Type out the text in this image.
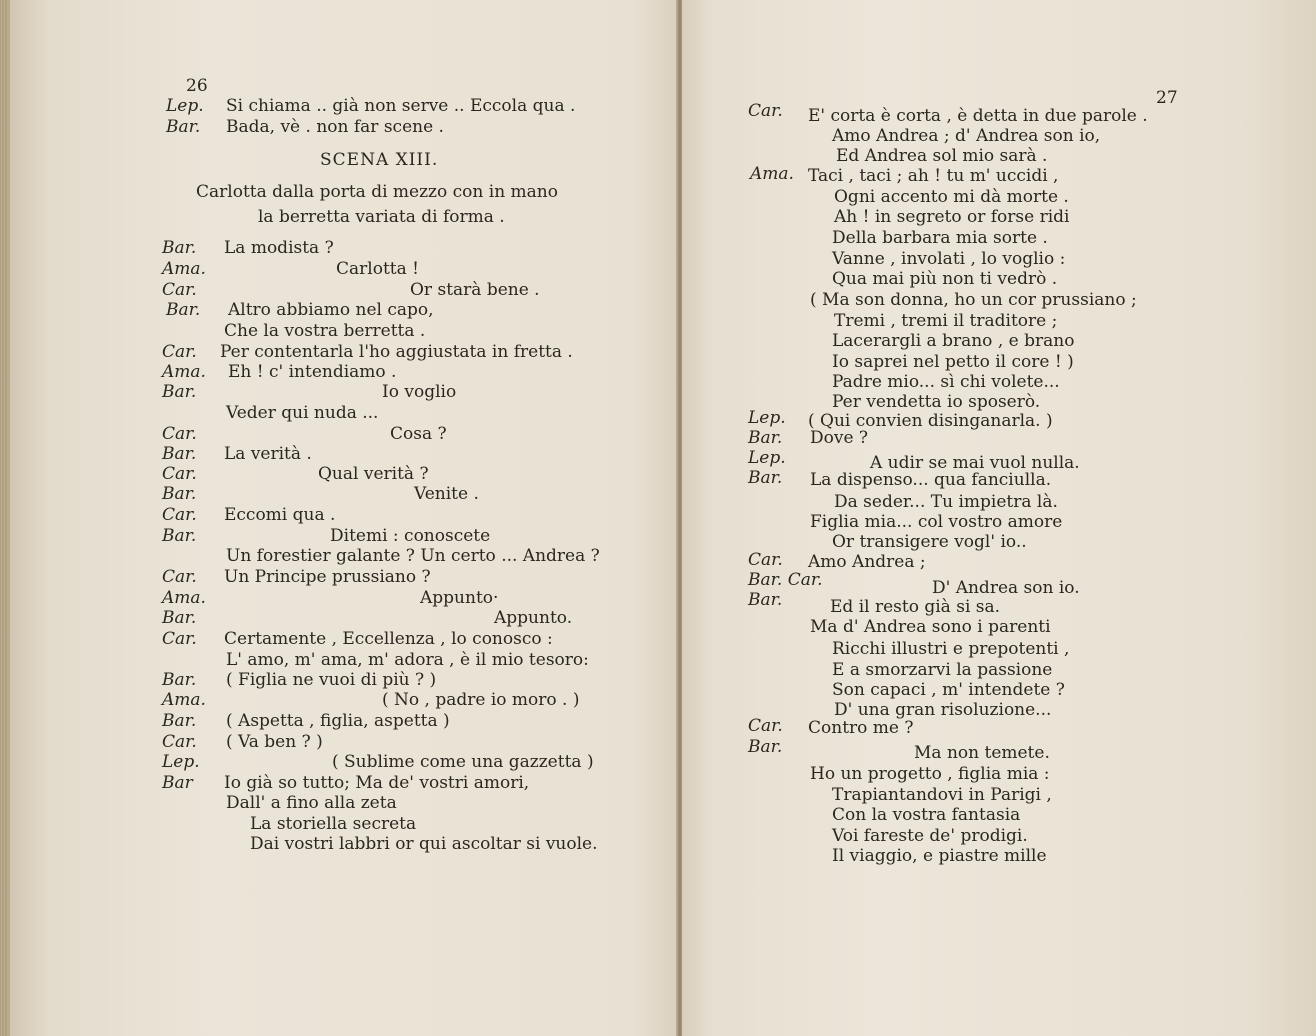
26
Lep. Si chiama .. già non serve .. Eccola qua .
Bar. Bada, vè . non far scene .
SCENA XIII.
Carlotta dalla porta di mezzo con in mano
la berretta variata di forma .
Bar. La modista ?
Ama.	Carlotta !
Car.	Or starà bene .
Bar. Altro abbiamo nel capo,
Che la vostra berretta .
Car. Per contentarla l'ho aggiustata in fretta .
Ama. Eh ! c' intendiamo .
Bar.	Io voglio
Veder qui nuda ...
Car.	Cosa ?
Bar. La verità .
Car.	Qual verità ?
Bar.	Venite .
Car. Eccomi qua .
Bar.	Ditemi : conoscete
Un forestier galante ? Un certo ... Andrea ?
Car. Un Principe prussiano ?
Ama.	Appunto·
Bar.	Appunto.
Car. Certamente , Eccellenza , lo conosco :
L' amo, m' ama, m' adora , è il mio tesoro:
Bar. ( Figlia ne vuoi di più ? )
Ama.	( No , padre io moro . )
Bar. ( Aspetta , figlia, aspetta )
Car. ( Va ben ? )
Lep.	( Sublime come una gazzetta )
Bar Io già so tutto; Ma de' vostri amori,
Dall' a fino alla zeta
La storiella secreta
Dai vostri labbri or qui ascoltar si vuole.
27
Car. E' corta è corta , è detta in due parole .
Amo Andrea ; d' Andrea son io,
Ed Andrea sol mio sarà .
Ama. Taci , taci ; ah ! tu m' uccidi ,
Ogni accento mi dà morte .
Ah ! in segreto or forse ridi
Della barbara mia sorte .
Vanne , involati , lo voglio :
Qua mai più non ti vedrò .
( Ma son donna, ho un cor prussiano ;
Tremi , tremi il traditore ;
Lacerargli a brano , e brano
Io saprei nel petto il core ! )
Padre mio... sì chi volete...
Per vendetta io sposerò.
Lep. ( Qui convien disinganarla. )
Bar. Dove ?
Lep.	A udir se mai vuol nulla.
Bar. La dispenso... qua fanciulla.
Da seder... Tu impietra là.
Figlia mia... col vostro amore
Or transigere vogl' io..
Car. Amo Andrea ;
Bar. Car.	D' Andrea son io.
Bar.	Ed il resto già si sa.
Ma d' Andrea sono i parenti
Ricchi illustri e prepotenti ,
E a smorzarvi la passione
Son capaci , m' intendete ?
D' una gran risoluzione...
Car. Contro me ?
Bar.	Ma non temete.
Ho un progetto , figlia mia :
Trapiantandovi in Parigi ,
Con la vostra fantasia
Voi fareste de' prodigi.
Il viaggio, e piastre mille
